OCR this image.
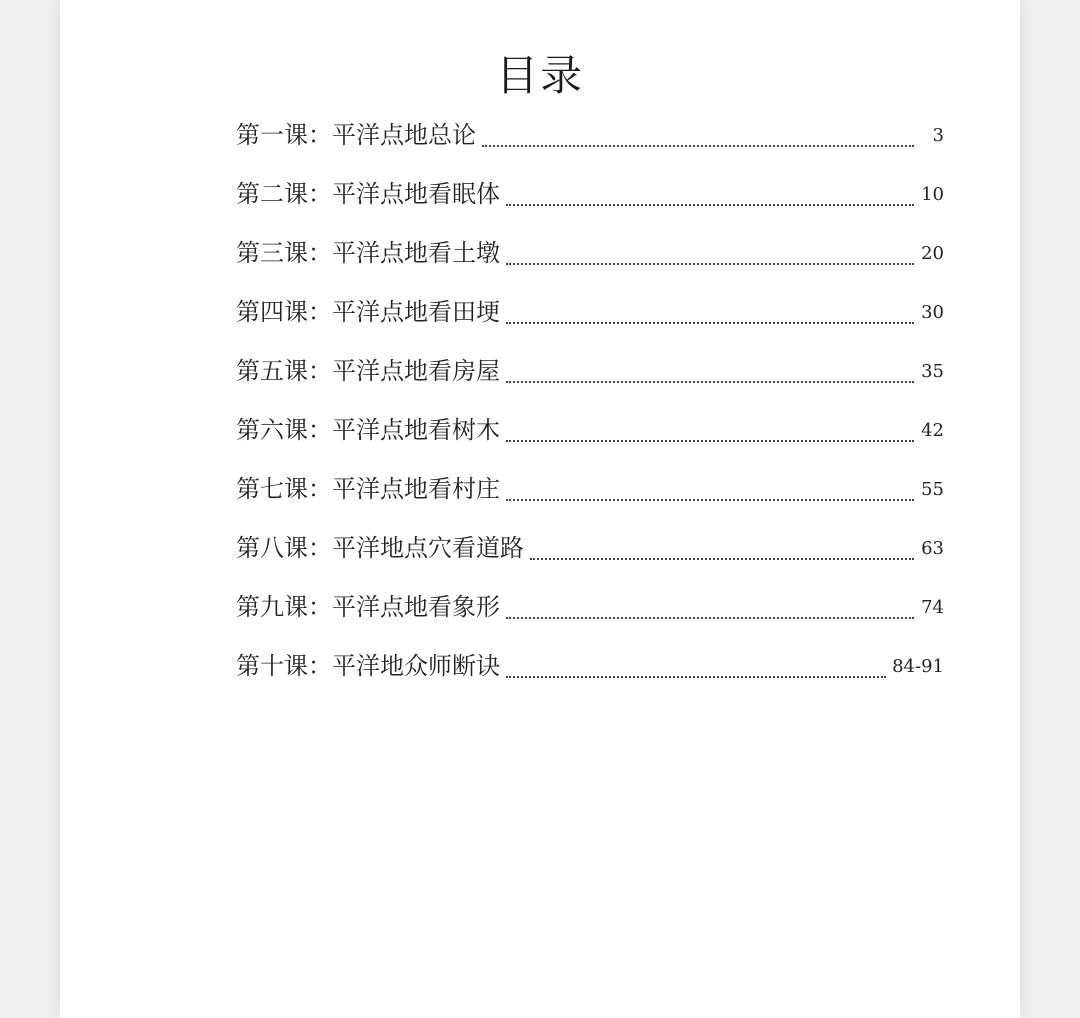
目录
第一课：平洋点地总论	3
第二课：平洋点地看眠体	10
第三课：平洋点地看土墩	20
第四课：平洋点地看田埂	30
第五课：平洋点地看房屋	35
第六课：平洋点地看树木	42
第七课：平洋点地看村庄	55
第八课：平洋地点穴看道路	63
第九课：平洋点地看象形	74
第十课：平洋地众师断诀	84-91
